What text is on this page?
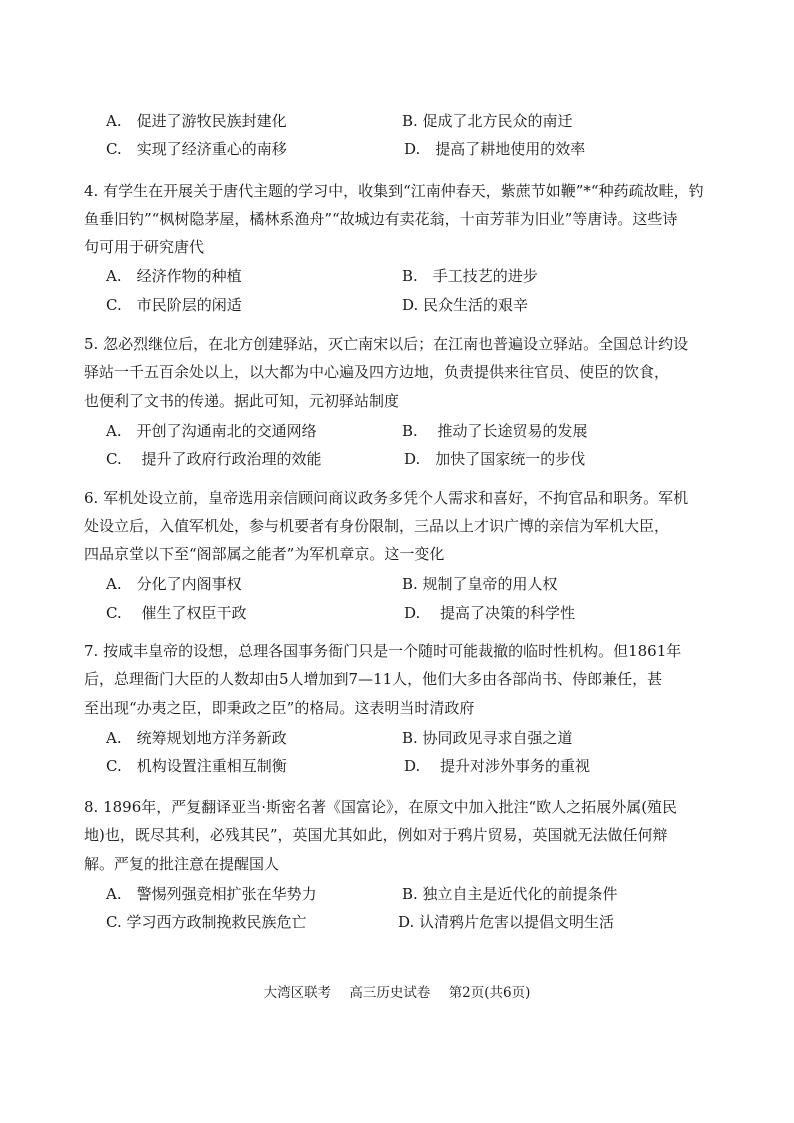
A.　促进了游牧民族封建化	B. 促成了北方民众的南迁
C.　实现了经济重心的南移	D.　提高了耕地使用的效率
4. 有学生在开展关于唐代主题的学习中，收集到“江南仲春天，紫蔗节如鞭”*“种药疏故畦，钓
鱼垂旧钓”“枫树隐茅屋，橘林系渔舟”“故城边有卖花翁，十亩芳菲为旧业”等唐诗。这些诗
句可用于研究唐代
A.　经济作物的种植	B.　手工技艺的进步
C.　市民阶层的闲适	D. 民众生活的艰辛
5. 忽必烈继位后，在北方创建驿站，灭亡南宋以后；在江南也普遍设立驿站。全国总计约设
驿站一千五百余处以上，以大都为中心遍及四方边地，负责提供来往官员、使臣的饮食，
也便利了文书的传递。据此可知，元初驿站制度
A.　开创了沟通南北的交通网络	B.　 推动了长途贸易的发展
C.　 提升了政府行政治理的效能	D.　加快了国家统一的步伐
6. 军机处设立前，皇帝选用亲信顾问商议政务多凭个人需求和喜好，不拘官品和职务。军机
处设立后，入值军机处，参与机要者有身份限制，三品以上才识广博的亲信为军机大臣，
四品京堂以下至“阁部属之能者”为军机章京。这一变化
A.　分化了内阁事权	B. 规制了皇帝的用人权
C.　 催生了权臣干政	D.　 提高了决策的科学性
7. 按咸丰皇帝的设想，总理各国事务衙门只是一个随时可能裁撤的临时性机构。但1861年
后，总理衙门大臣的人数却由5人增加到7—11人，他们大多由各部尚书、侍郎兼任，甚
至出现“办夷之臣，即秉政之臣”的格局。这表明当时清政府
A.　统筹规划地方洋务新政	B. 协同政见寻求自强之道
C.　机构设置注重相互制衡	D.　 提升对涉外事务的重视
8. 1896年，严复翻译亚当·斯密名著《国富论》，在原文中加入批注“欧人之拓展外属(殖民
地)也，既尽其利，必残其民”，英国尤其如此，例如对于鸦片贸易，英国就无法做任何辩
解。严复的批注意在提醒国人
A.　警惕列强竞相扩张在华势力	B. 独立自主是近代化的前提条件
C. 学习西方政制挽救民族危亡	D. 认清鸦片危害以提倡文明生活
大湾区联考 高三历史试卷 第2页(共6页)
